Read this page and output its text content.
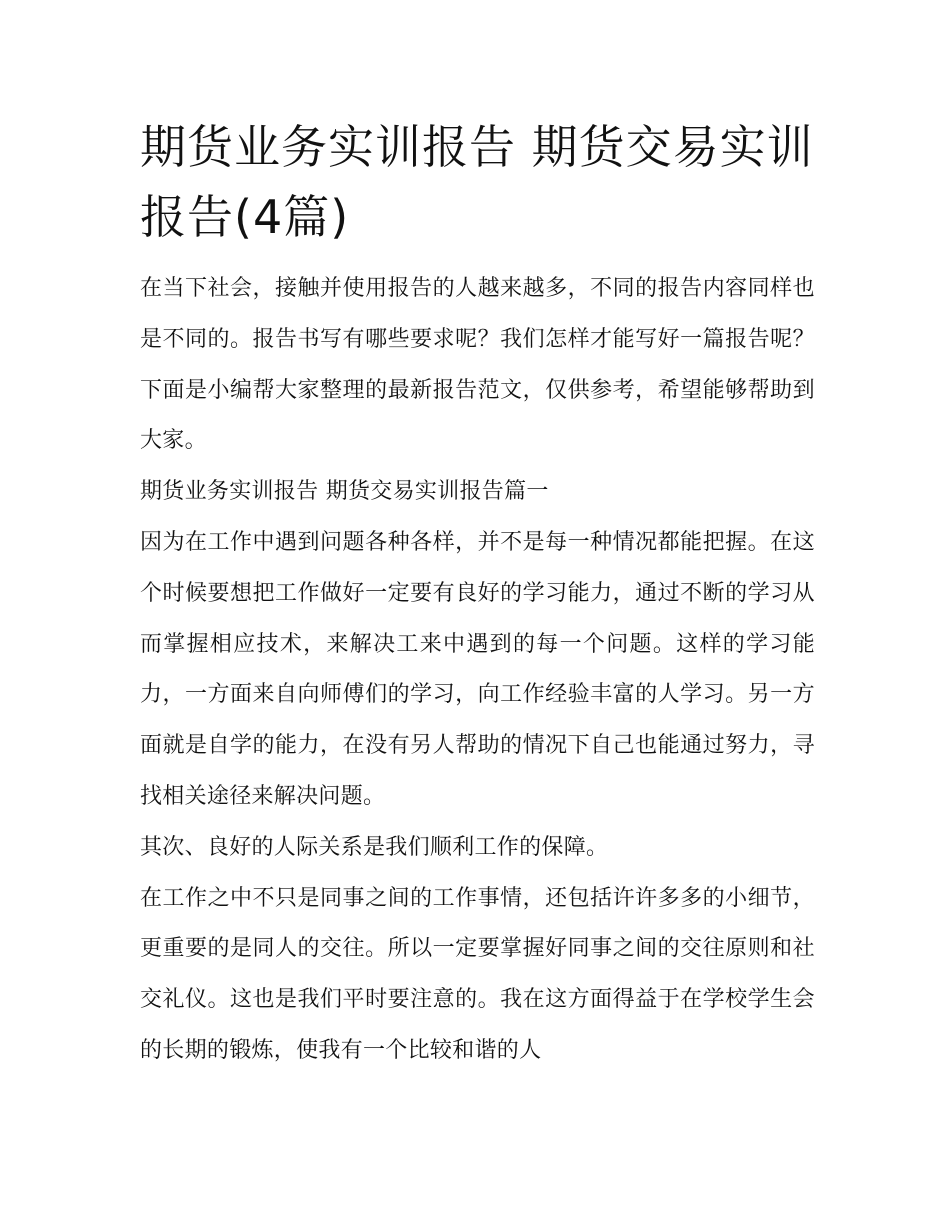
期货业务实训报告 期货交易实训报告(4篇)

在当下社会，接触并使用报告的人越来越多，不同的报告内容同样也是不同的。报告书写有哪些要求呢？我们怎样才能写好一篇报告呢？下面是小编帮大家整理的最新报告范文，仅供参考，希望能够帮助到大家。

期货业务实训报告 期货交易实训报告篇一

因为在工作中遇到问题各种各样，并不是每一种情况都能把握。在这个时候要想把工作做好一定要有良好的学习能力，通过不断的学习从而掌握相应技术，来解决工来中遇到的每一个问题。这样的学习能力，一方面来自向师傅们的学习，向工作经验丰富的人学习。另一方面就是自学的能力，在没有另人帮助的情况下自己也能通过努力，寻找相关途径来解决问题。

其次、良好的人际关系是我们顺利工作的保障。

在工作之中不只是同事之间的工作事情，还包括许许多多的小细节，更重要的是同人的交往。所以一定要掌握好同事之间的交往原则和社交礼仪。这也是我们平时要注意的。我在这方面得益于在学校学生会的长期的锻炼，使我有一个比较和谐的人
